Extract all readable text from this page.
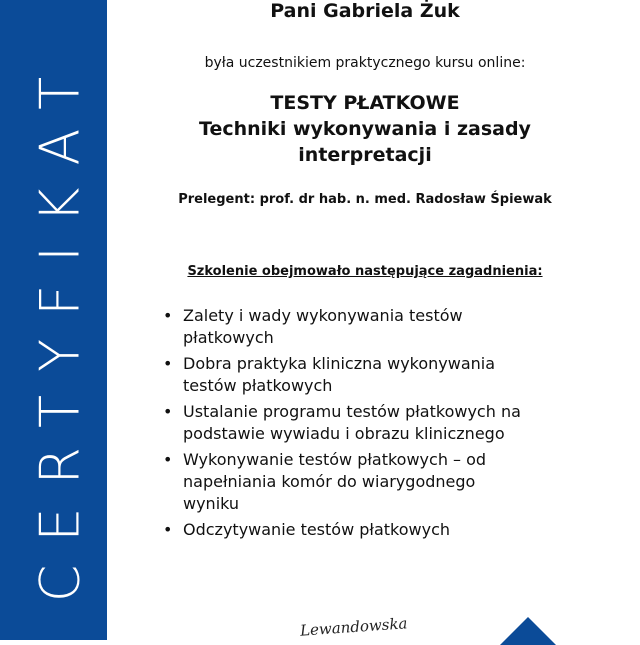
CERTYFIKAT
Pani Gabriela Żuk
była uczestnikiem praktycznego kursu online:
TESTY PŁATKOWE
Techniki wykonywania i zasady
interpretacji
Prelegent: prof. dr hab. n. med. Radosław Śpiewak
Szkolenie obejmowało następujące zagadnienia:
• Zalety i wady wykonywania testów płatkowych
• Dobra praktyka kliniczna wykonywania testów płatkowych
• Ustalanie programu testów płatkowych na podstawie wywiadu i obrazu klinicznego
• Wykonywanie testów płatkowych – od napełniania komór do wiarygodnego wyniku
• Odczytywanie testów płatkowych
Lewandowska
